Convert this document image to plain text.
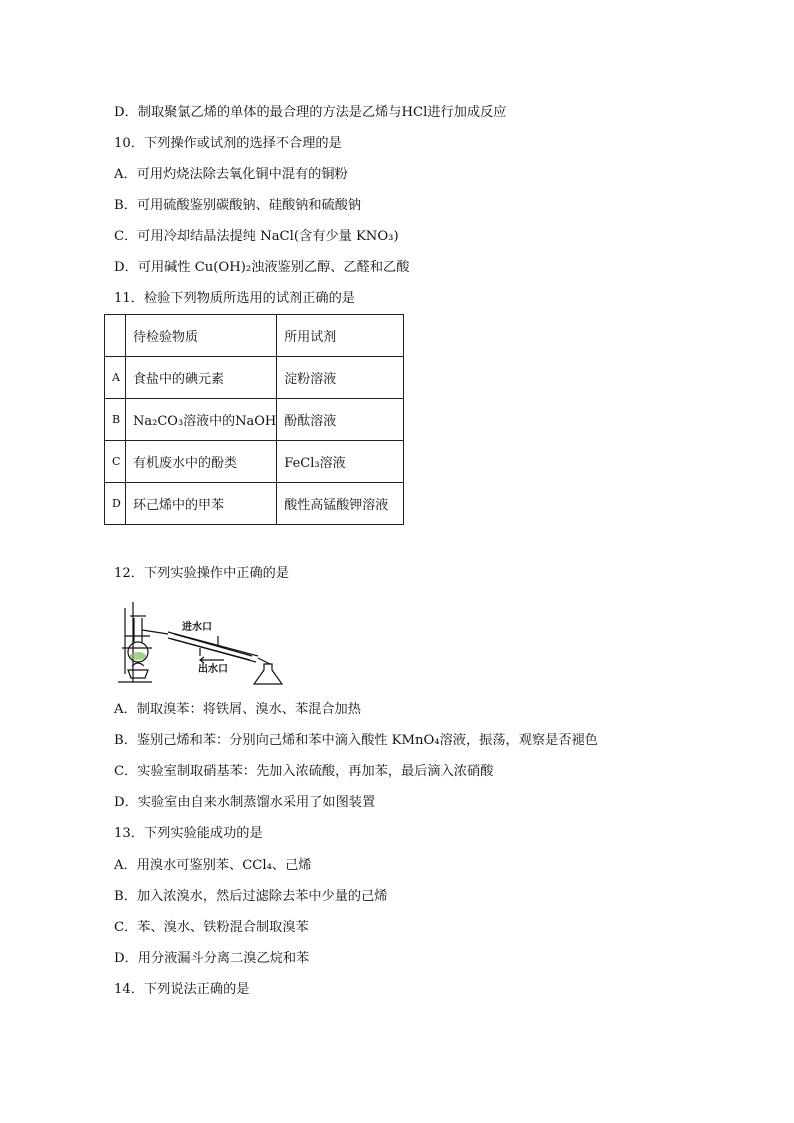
D．制取聚氯乙烯的单体的最合理的方法是乙烯与HCl进行加成反应
10．下列操作或试剂的选择不合理的是
A．可用灼烧法除去氧化铜中混有的铜粉
B．可用硫酸鉴别碳酸钠、硅酸钠和硫酸钠
C．可用冷却结晶法提纯 NaCl(含有少量 KNO₃)
D．可用碱性 Cu(OH)₂浊液鉴别乙醇、乙醛和乙酸
11．检验下列物质所选用的试剂正确的是
	待检验物质	所用试剂
A	食盐中的碘元素	淀粉溶液
B	Na₂CO₃溶液中的NaOH	酚酞溶液
C	有机废水中的酚类	FeCl₃溶液
D	环己烯中的甲苯	酸性高锰酸钾溶液
12．下列实验操作中正确的是
进水口
出水口
A．制取溴苯：将铁屑、溴水、苯混合加热
B．鉴别己烯和苯：分别向己烯和苯中滴入酸性 KMnO₄溶液，振荡，观察是否褪色
C．实验室制取硝基苯：先加入浓硫酸，再加苯，最后滴入浓硝酸
D．实验室由自来水制蒸馏水采用了如图装置
13．下列实验能成功的是
A．用溴水可鉴别苯、CCl₄、己烯
B．加入浓溴水，然后过滤除去苯中少量的己烯
C．苯、溴水、铁粉混合制取溴苯
D．用分液漏斗分离二溴乙烷和苯
14．下列说法正确的是
